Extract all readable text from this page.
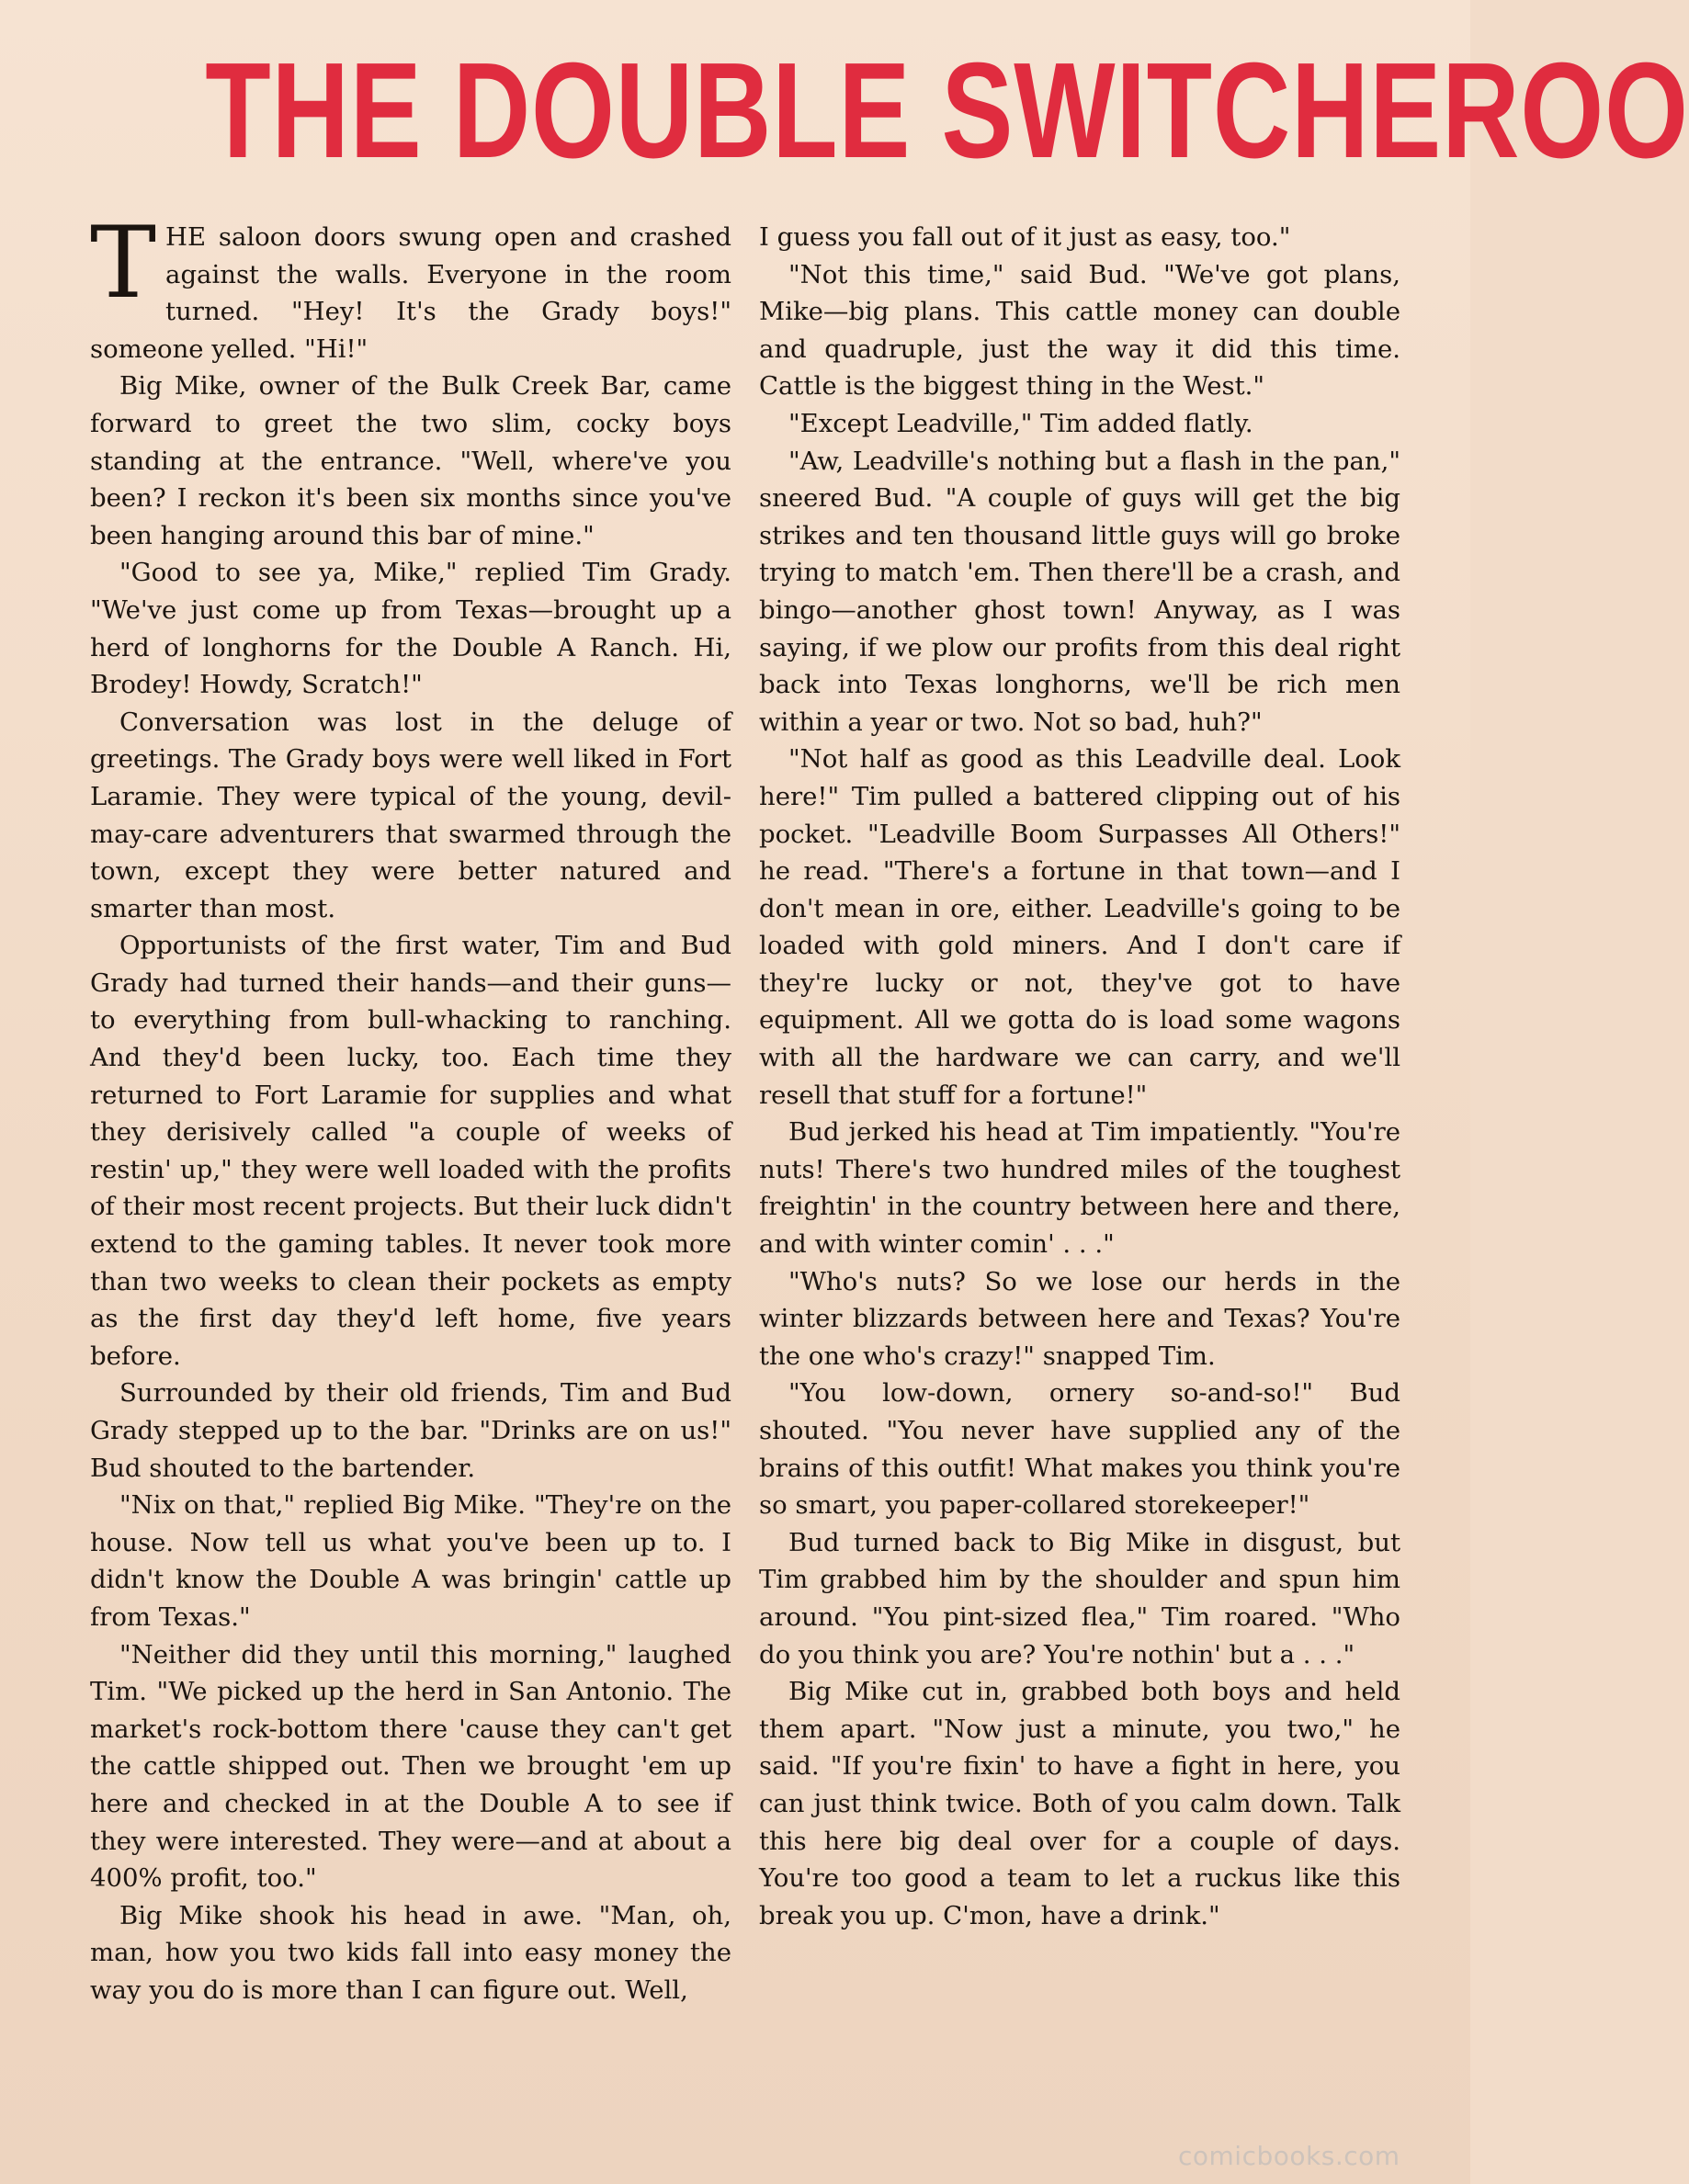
THE DOUBLE SWITCHEROO

THE saloon doors swung open and crashed against the walls. Everyone in the room turned. "Hey! It's the Grady boys!" someone yelled. "Hi!"

Big Mike, owner of the Bulk Creek Bar, came forward to greet the two slim, cocky boys standing at the entrance. "Well, where've you been? I reckon it's been six months since you've been hanging around this bar of mine."

"Good to see ya, Mike," replied Tim Grady. "We've just come up from Texas—brought up a herd of longhorns for the Double A Ranch. Hi, Brodey! Howdy, Scratch!"

Conversation was lost in the deluge of greetings. The Grady boys were well liked in Fort Laramie. They were typical of the young, devil-may-care adventurers that swarmed through the town, except they were better natured and smarter than most.

Opportunists of the first water, Tim and Bud Grady had turned their hands—and their guns—to everything from bull-whacking to ranching. And they'd been lucky, too. Each time they returned to Fort Laramie for supplies and what they derisively called "a couple of weeks of restin' up," they were well loaded with the profits of their most recent projects. But their luck didn't extend to the gaming tables. It never took more than two weeks to clean their pockets as empty as the first day they'd left home, five years before.

Surrounded by their old friends, Tim and Bud Grady stepped up to the bar. "Drinks are on us!" Bud shouted to the bartender.

"Nix on that," replied Big Mike. "They're on the house. Now tell us what you've been up to. I didn't know the Double A was bringin' cattle up from Texas."

"Neither did they until this morning," laughed Tim. "We picked up the herd in San Antonio. The market's rock-bottom there 'cause they can't get the cattle shipped out. Then we brought 'em up here and checked in at the Double A to see if they were interested. They were—and at about a 400% profit, too."

Big Mike shook his head in awe. "Man, oh, man, how you two kids fall into easy money the way you do is more than I can figure out. Well,

I guess you fall out of it just as easy, too."

"Not this time," said Bud. "We've got plans, Mike—big plans. This cattle money can double and quadruple, just the way it did this time. Cattle is the biggest thing in the West."

"Except Leadville," Tim added flatly.

"Aw, Leadville's nothing but a flash in the pan," sneered Bud. "A couple of guys will get the big strikes and ten thousand little guys will go broke trying to match 'em. Then there'll be a crash, and bingo—another ghost town! Anyway, as I was saying, if we plow our profits from this deal right back into Texas longhorns, we'll be rich men within a year or two. Not so bad, huh?"

"Not half as good as this Leadville deal. Look here!" Tim pulled a battered clipping out of his pocket. "Leadville Boom Surpasses All Others!" he read. "There's a fortune in that town—and I don't mean in ore, either. Leadville's going to be loaded with gold miners. And I don't care if they're lucky or not, they've got to have equipment. All we gotta do is load some wagons with all the hardware we can carry, and we'll resell that stuff for a fortune!"

Bud jerked his head at Tim impatiently. "You're nuts! There's two hundred miles of the toughest freightin' in the country between here and there, and with winter comin' . . ."

"Who's nuts? So we lose our herds in the winter blizzards between here and Texas? You're the one who's crazy!" snapped Tim.

"You low-down, ornery so-and-so!" Bud shouted. "You never have supplied any of the brains of this outfit! What makes you think you're so smart, you paper-collared storekeeper!"

Bud turned back to Big Mike in disgust, but Tim grabbed him by the shoulder and spun him around. "You pint-sized flea," Tim roared. "Who do you think you are? You're nothin' but a . . ."

Big Mike cut in, grabbed both boys and held them apart. "Now just a minute, you two," he said. "If you're fixin' to have a fight in here, you can just think twice. Both of you calm down. Talk this here big deal over for a couple of days. You're too good a team to let a ruckus like this break you up. C'mon, have a drink."

comicbooks.com
